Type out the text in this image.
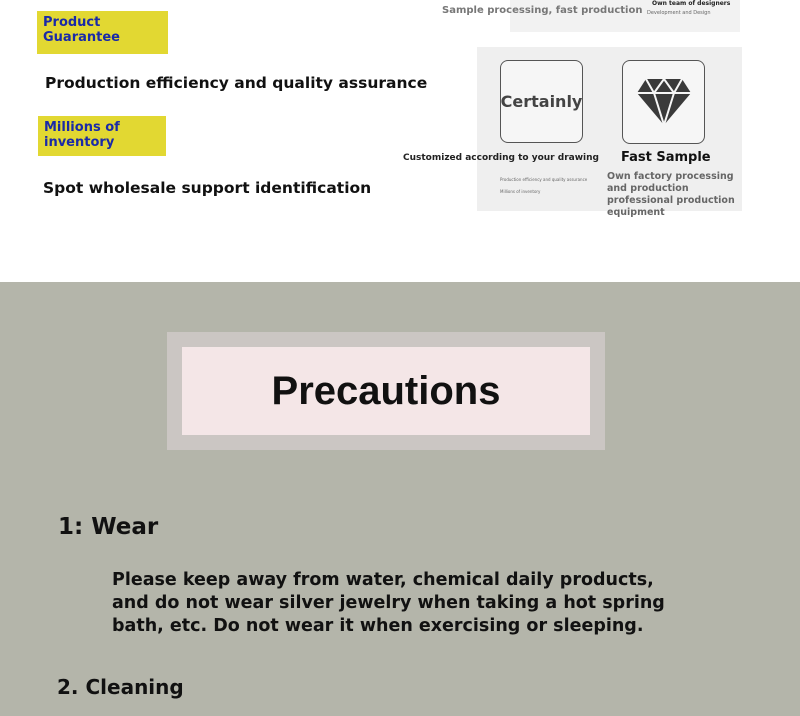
Product Guarantee
Production efficiency and quality assurance
Millions of inventory
Spot wholesale support identification
Own team of designers
Development and Design
Sample processing, fast production
Certainly
Customized according to your drawing Fast Sample
Production efficiency and quality assurance
Millions of inventory
Own factory processing and production professional production equipment
Precautions
1: Wear
Please keep away from water, chemical daily products, and do not wear silver jewelry when taking a hot spring bath, etc. Do not wear it when exercising or sleeping.
2. Cleaning
